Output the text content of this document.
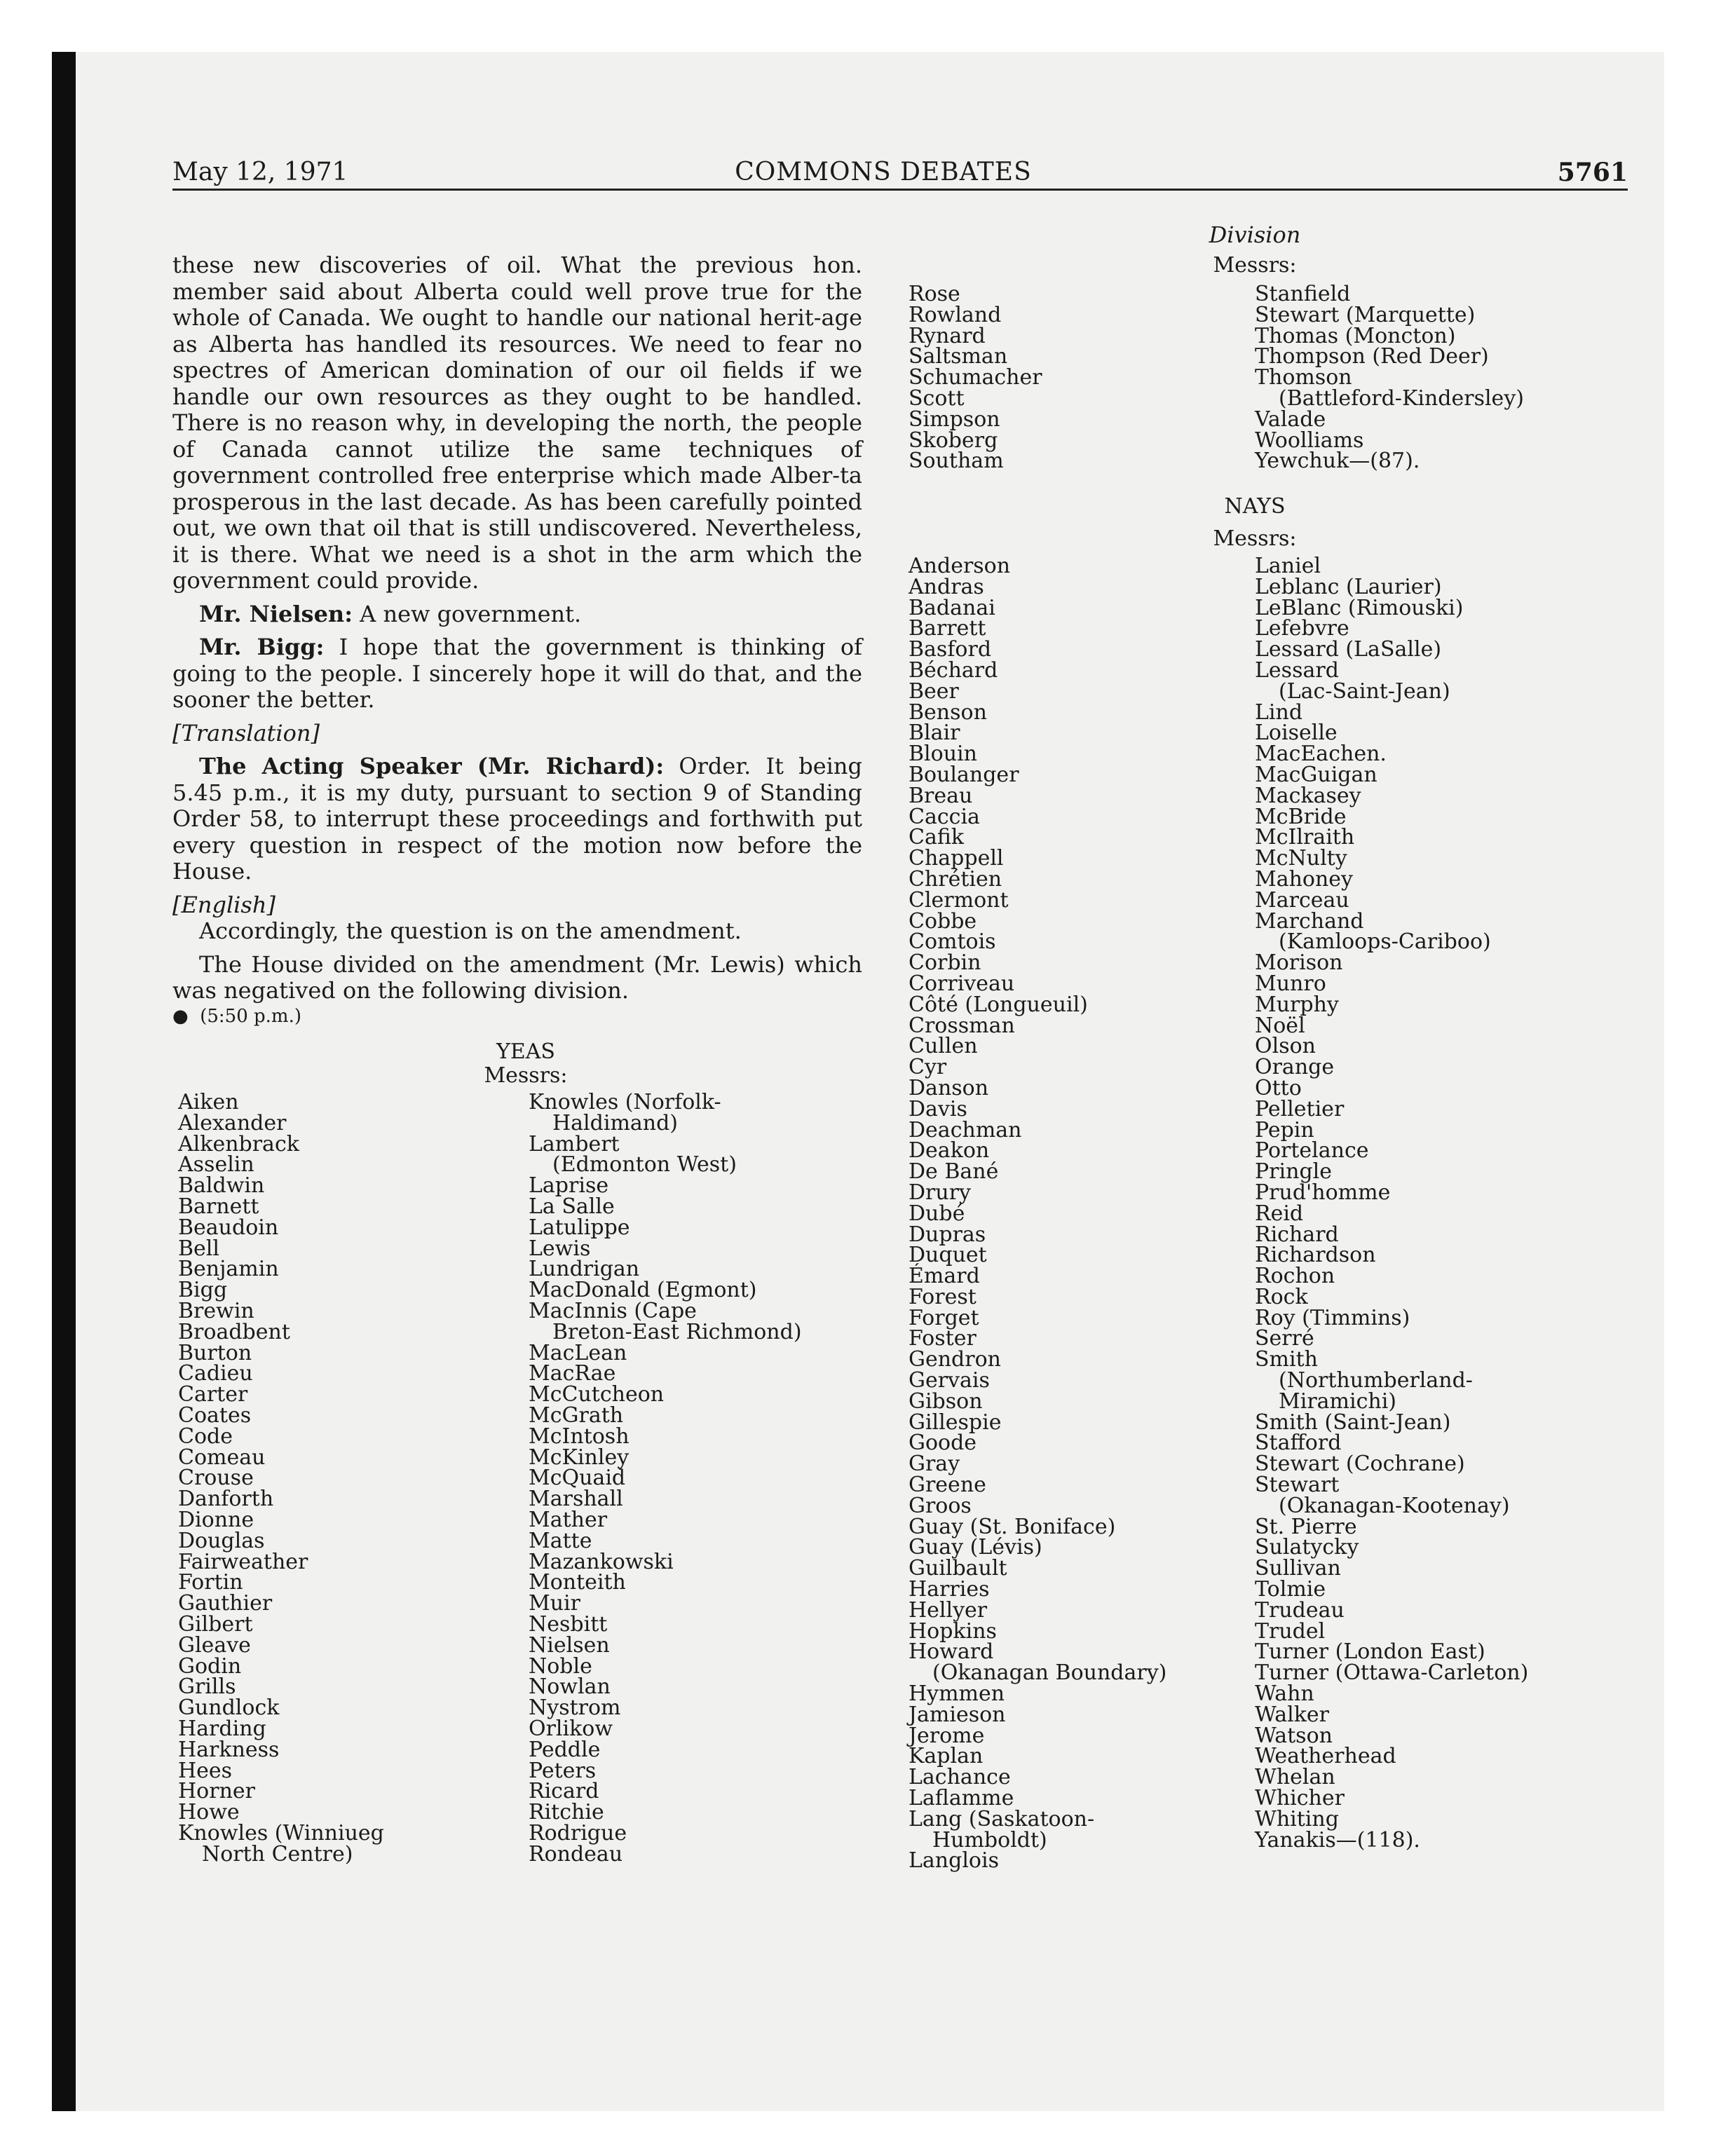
May 12, 1971	COMMONS DEBATES	5761

these new discoveries of oil. What the previous hon. member said about Alberta could well prove true for the whole of Canada. We ought to handle our national herit-age as Alberta has handled its resources. We need to fear no spectres of American domination of our oil fields if we handle our own resources as they ought to be handled. There is no reason why, in developing the north, the people of Canada cannot utilize the same techniques of government controlled free enterprise which made Alber-ta prosperous in the last decade. As has been carefully pointed out, we own that oil that is still undiscovered. Nevertheless, it is there. What we need is a shot in the arm which the government could provide.

Mr. Nielsen: A new government.

Mr. Bigg: I hope that the government is thinking of going to the people. I sincerely hope it will do that, and the sooner the better.

[Translation]

The Acting Speaker (Mr. Richard): Order. It being 5.45 p.m., it is my duty, pursuant to section 9 of Standing Order 58, to interrupt these proceedings and forthwith put every question in respect of the motion now before the House.

[English]

Accordingly, the question is on the amendment.

The House divided on the amendment (Mr. Lewis) which was negatived on the following division.

● (5:50 p.m.)

YEAS
Messrs:
Aiken
Alexander
Alkenbrack
Asselin
Baldwin
Barnett
Beaudoin
Bell
Benjamin
Bigg
Brewin
Broadbent
Burton
Cadieu
Carter
Coates
Code
Comeau
Crouse
Danforth
Dionne
Douglas
Fairweather
Fortin
Gauthier
Gilbert
Gleave
Godin
Grills
Gundlock
Harding
Harkness
Hees
Horner
Howe
Knowles (Winniueg
North Centre)
Knowles (Norfolk-
Haldimand)
Lambert
(Edmonton West)
Laprise
La Salle
Latulippe
Lewis
Lundrigan
MacDonald (Egmont)
MacInnis (Cape
Breton-East Richmond)
MacLean
MacRae
McCutcheon
McGrath
McIntosh
McKinley
McQuaid
Marshall
Mather
Matte
Mazankowski
Monteith
Muir
Nesbitt
Nielsen
Noble
Nowlan
Nystrom
Orlikow
Peddle
Peters
Ricard
Ritchie
Rodrigue
Rondeau
Division
Messrs:
Rose
Rowland
Rynard
Saltsman
Schumacher
Scott
Simpson
Skoberg
Southam
Stanfield
Stewart (Marquette)
Thomas (Moncton)
Thompson (Red Deer)
Thomson
(Battleford-Kindersley)
Valade
Woolliams
Yewchuk—(87).
NAYS
Messrs:
Anderson
Andras
Badanai
Barrett
Basford
Béchard
Beer
Benson
Blair
Blouin
Boulanger
Breau
Caccia
Cafik
Chappell
Chrétien
Clermont
Cobbe
Comtois
Corbin
Corriveau
Côté (Longueuil)
Crossman
Cullen
Cyr
Danson
Davis
Deachman
Deakon
De Bané
Drury
Dubé
Dupras
Duquet
Émard
Forest
Forget
Foster
Gendron
Gervais
Gibson
Gillespie
Goode
Gray
Greene
Groos
Guay (St. Boniface)
Guay (Lévis)
Guilbault
Harries
Hellyer
Hopkins
Howard
(Okanagan Boundary)
Hymmen
Jamieson
Jerome
Kaplan
Lachance
Laflamme
Lang (Saskatoon-
Humboldt)
Langlois
Laniel
Leblanc (Laurier)
LeBlanc (Rimouski)
Lefebvre
Lessard (LaSalle)
Lessard
(Lac-Saint-Jean)
Lind
Loiselle
MacEachen.
MacGuigan
Mackasey
McBride
McIlraith
McNulty
Mahoney
Marceau
Marchand
(Kamloops-Cariboo)
Morison
Munro
Murphy
Noël
Olson
Orange
Otto
Pelletier
Pepin
Portelance
Pringle
Prud'homme
Reid
Richard
Richardson
Rochon
Rock
Roy (Timmins)
Serré
Smith
(Northumberland-
Miramichi)
Smith (Saint-Jean)
Stafford
Stewart (Cochrane)
Stewart
(Okanagan-Kootenay)
St. Pierre
Sulatycky
Sullivan
Tolmie
Trudeau
Trudel
Turner (London East)
Turner (Ottawa-Carleton)
Wahn
Walker
Watson
Weatherhead
Whelan
Whicher
Whiting
Yanakis—(118).
